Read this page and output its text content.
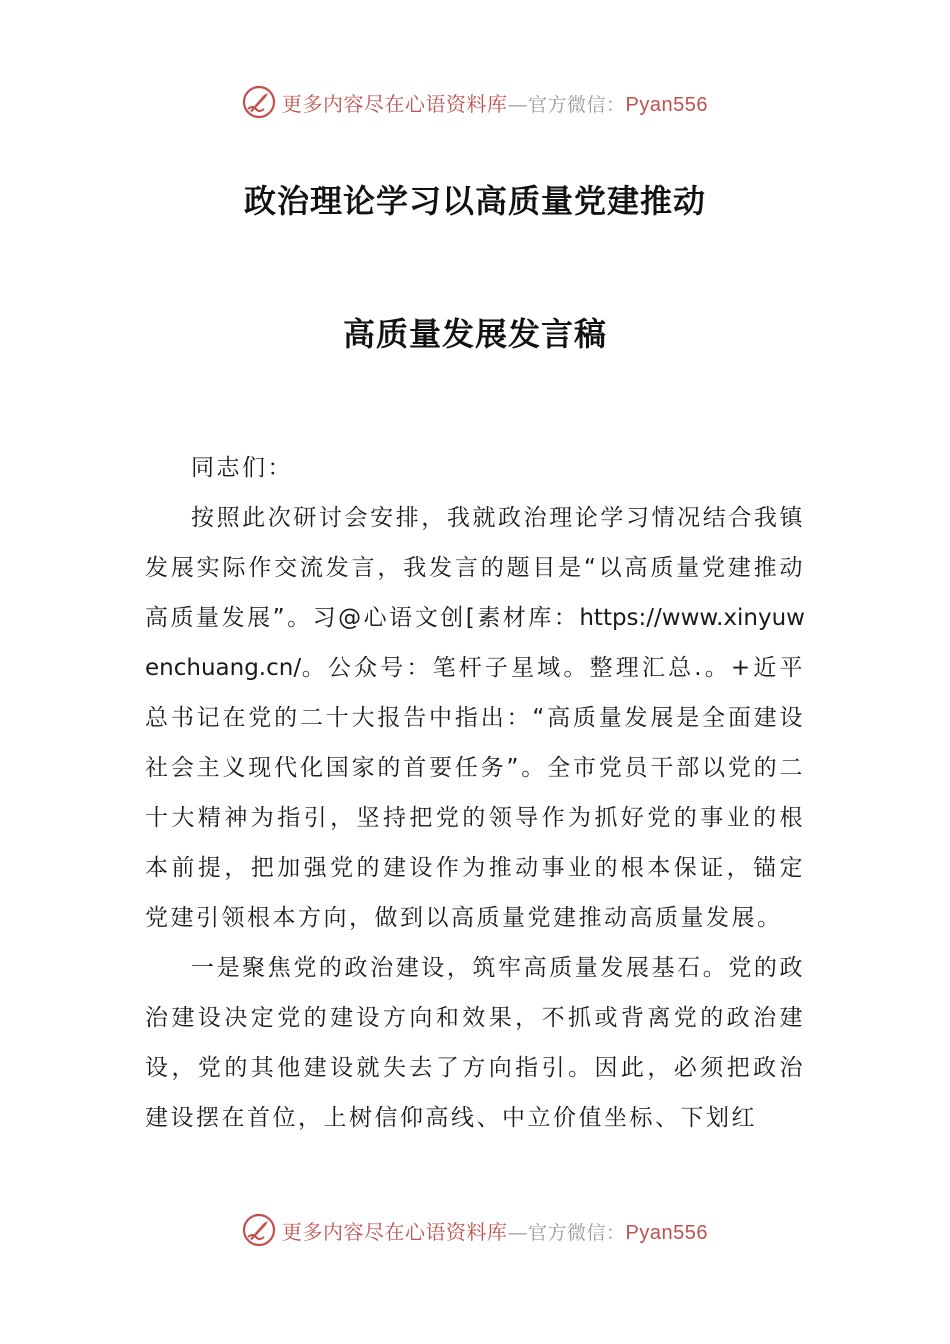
更多内容尽在心语资料库—官方微信：Pyan556
政治理论学习以高质量党建推动
高质量发展发言稿

同志们：

按照此次研讨会安排，我就政治理论学习情况结合我镇发展实际作交流发言，我发言的题目是“以高质量党建推动高质量发展”。习@心语文创[素材库：https://www.xinyuwenchuang.cn/。公众号：笔杆子星域。整理汇总.。+近平总书记在党的二十大报告中指出：“高质量发展是全面建设社会主义现代化国家的首要任务”。全市党员干部以党的二十大精神为指引，坚持把党的领导作为抓好党的事业的根本前提，把加强党的建设作为推动事业的根本保证，锚定党建引领根本方向，做到以高质量党建推动高质量发展。

一是聚焦党的政治建设，筑牢高质量发展基石。党的政治建设决定党的建设方向和效果，不抓或背离党的政治建设，党的其他建设就失去了方向指引。因此，必须把政治建设摆在首位，上树信仰高线、中立价值坐标、下划红

更多内容尽在心语资料库—官方微信：Pyan556
